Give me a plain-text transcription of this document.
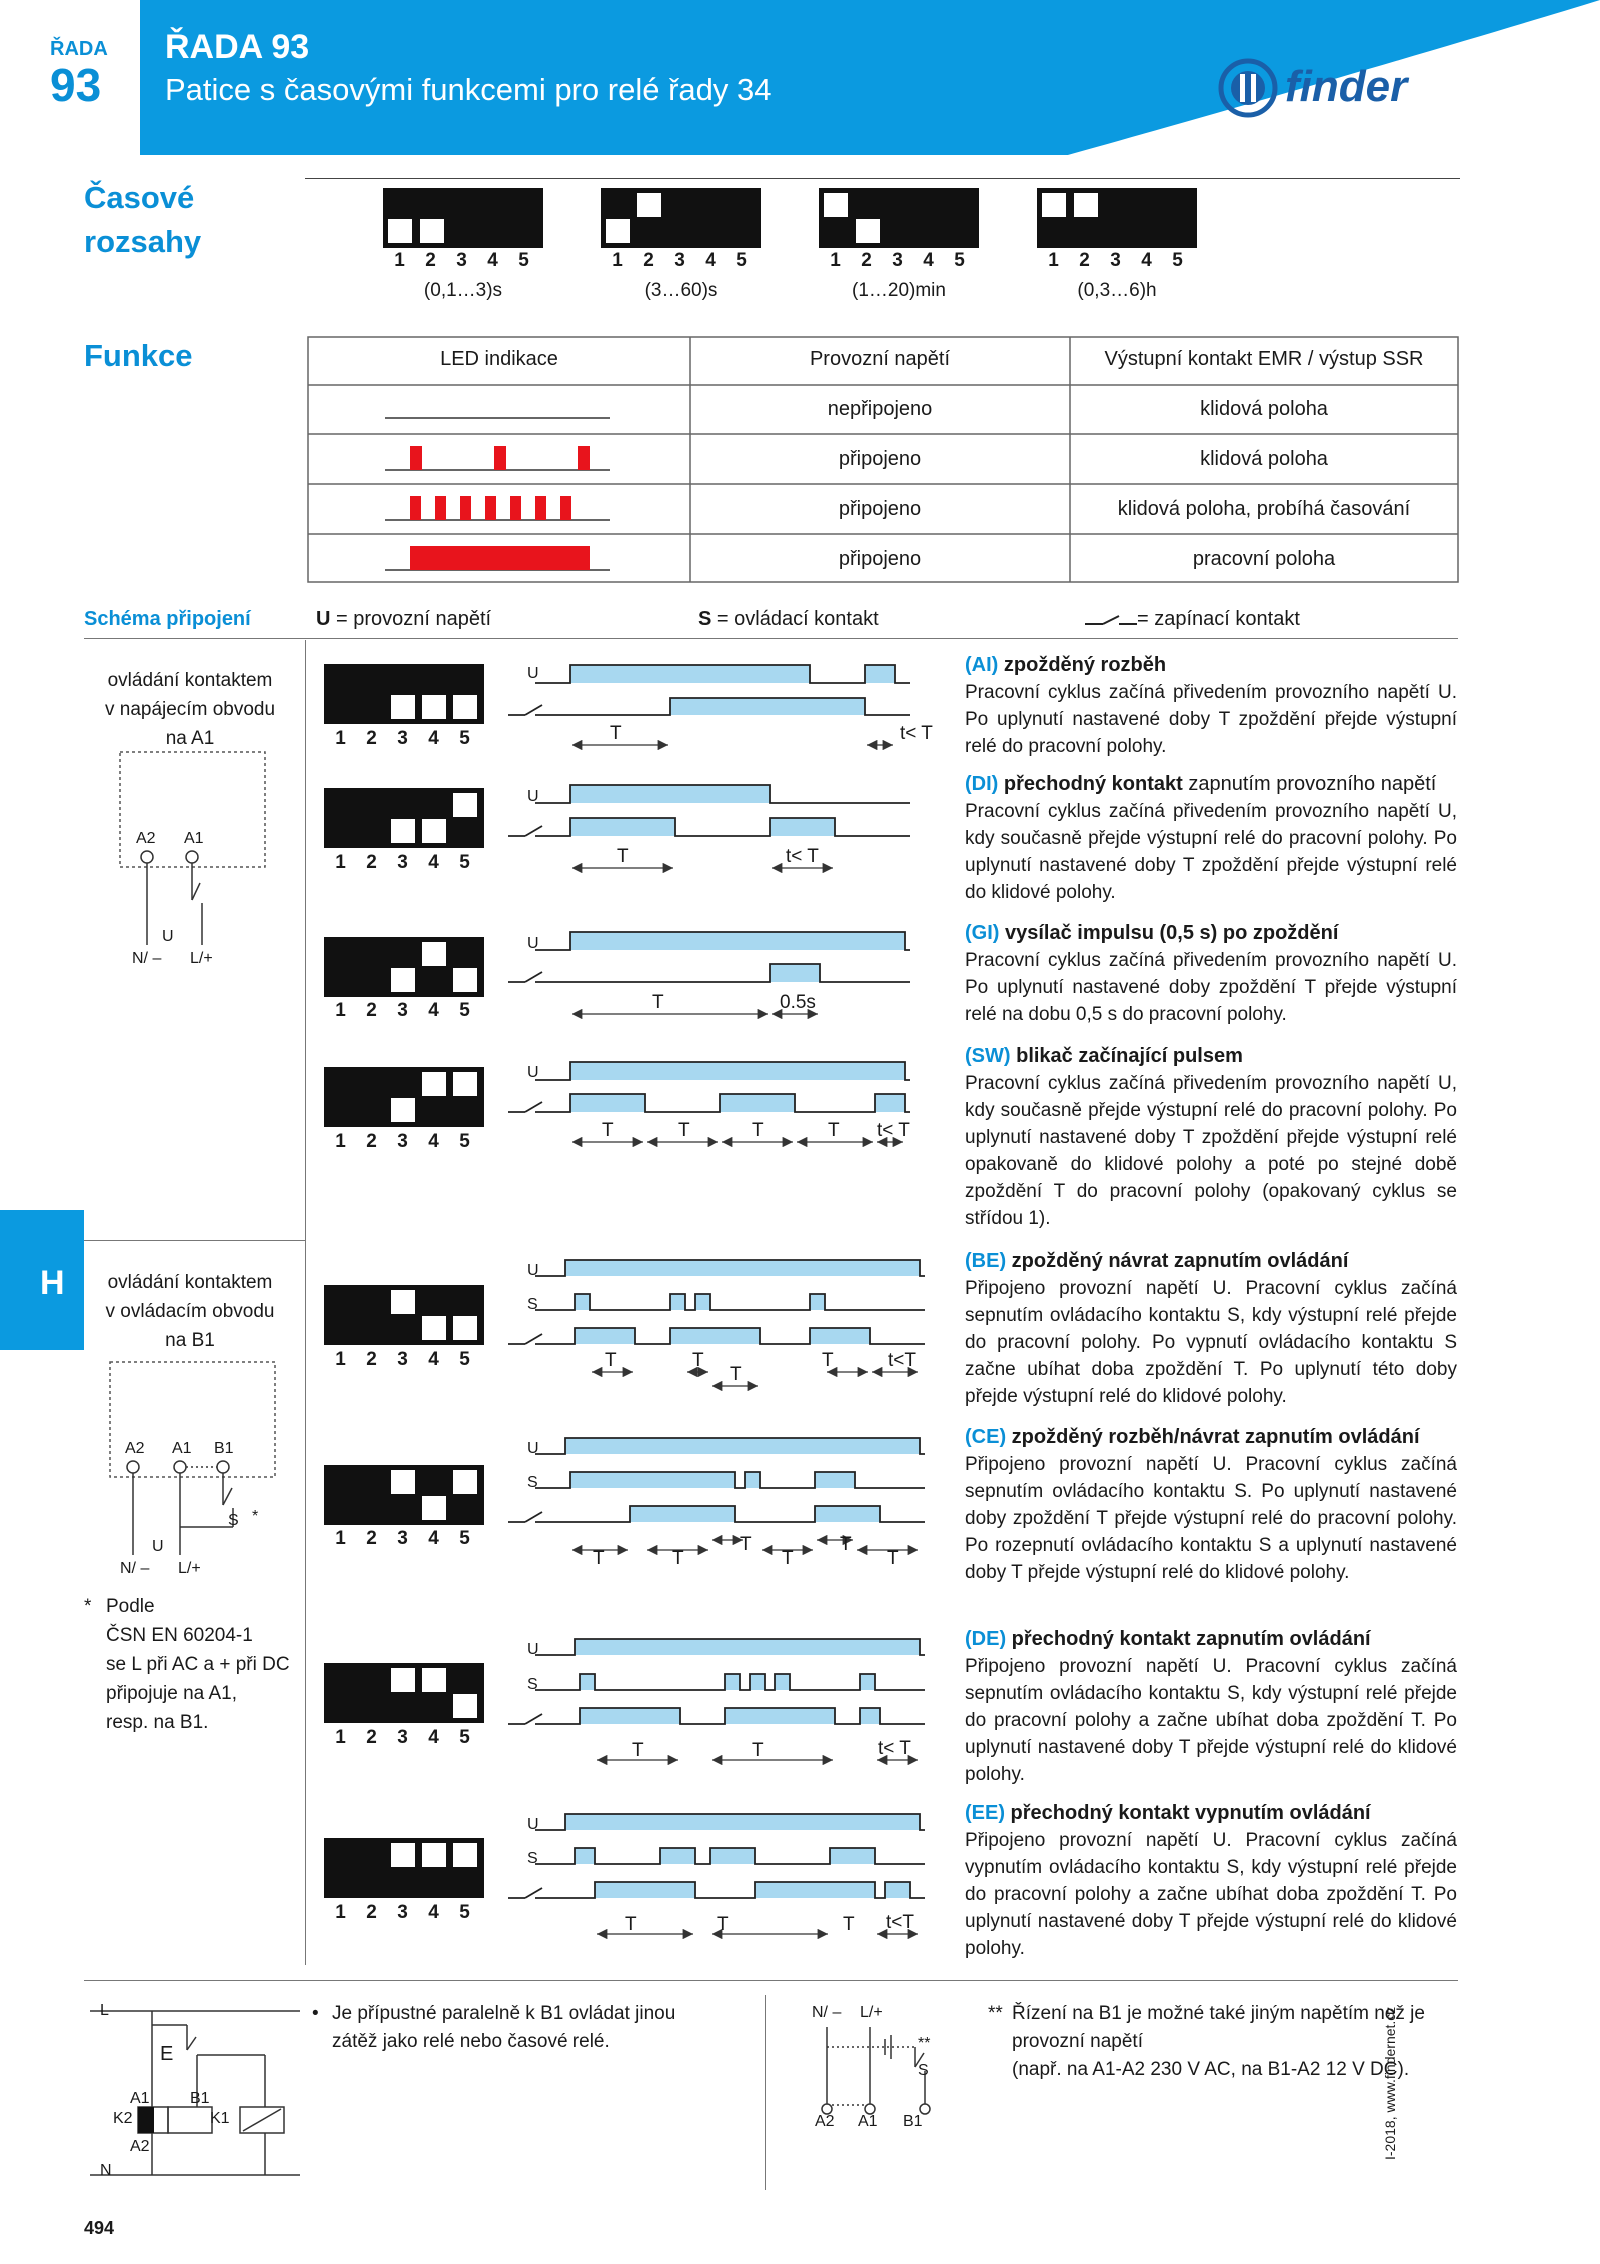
ŘADA
93
ŘADA 93
Patice s časovými funkcemi pro relé řady 34	finder
Časové
rozsahy
1 2 3 4 5	1 2 3 4 5	1 2 3 4 5	1 2 3 4 5
(0,1…3)s	(3…60)s	(1…20)min	(0,3…6)h
Funkce	LED indikace	Provozní napětí	Výstupní kontakt EMR / výstup SSR
nepřipojeno	klidová poloha
připojeno	klidová poloha
připojeno	klidová poloha, probíhá časování
připojeno	pracovní poloha
Schéma připojení	U = provozní napětí	S = ovládací kontakt	= zapínací kontakt
H
ovládání kontaktem
v napájecím obvodu
na A1
A2 A1
U
N/ – L/+
ovládání kontaktem
v ovládacím obvodu
na B1
A2 A1 B1
S *
U
N/ – L/+
* Podle
ČSN EN 60204-1
se L při AC a + při DC
připojuje na A1,
resp. na B1.
1 2 3 4 5
1 2 3 4 5
1 2 3 4 5
1 2 3 4 5
1 2 3 4 5
1 2 3 4 5
1 2 3 4 5
1 2 3 4 5
U
U
U
U
U
S
U
S
U
S
U
S
T	t< T
T	t< T
T	0.5s
T	T	T	T t< T
T	T
T
T	t<T
T	T
T
T
T
T
T	T	t< T
T	T	T t<T
(AI) zpožděný rozběh
Pracovní cyklus začíná přivedením provozního napětí U. Po uplynutí nastavené doby T zpoždění přejde výstupní relé do pracovní polohy.
(DI) přechodný kontakt zapnutím provozního napětí
Pracovní cyklus začíná přivedením provozního napětí U, kdy současně přejde výstupní relé do pracovní polohy. Po uplynutí nastavené doby T zpoždění přejde výstupní relé do klidové polohy.
(GI) vysílač impulsu (0,5 s) po zpoždění
Pracovní cyklus začíná přivedením provozního napětí U. Po uplynutí nastavené doby zpoždění T přejde výstupní relé na dobu 0,5 s do pracovní polohy.
(SW) blikač začínající pulsem
Pracovní cyklus začíná přivedením provozního napětí U, kdy současně přejde výstupní relé do pracovní polohy. Po uplynutí nastavené doby T zpoždění přejde výstupní relé opakovaně do klidové polohy a poté po stejné době zpoždění T do pracovní polohy (opakovaný cyklus se střídou 1).
(BE) zpožděný návrat zapnutím ovládání
Připojeno provozní napětí U. Pracovní cyklus začíná sepnutím ovládacího kontaktu S, kdy výstupní relé přejde do pracovní polohy. Po vypnutí ovládacího kontaktu S začne ubíhat doba zpoždění T. Po uplynutí této doby přejde výstupní relé do klidové polohy.
(CE) zpožděný rozběh/návrat zapnutím ovládání
Připojeno provozní napětí U. Pracovní cyklus začíná sepnutím ovládacího kontaktu S. Po uplynutí nastavené doby zpoždění T přejde výstupní relé do pracovní polohy. Po rozepnutí ovládacího kontaktu S a uplynutí nastavené doby T přejde výstupní relé do klidové polohy.
(DE) přechodný kontakt zapnutím ovládání
Připojeno provozní napětí U. Pracovní cyklus začíná sepnutím ovládacího kontaktu S, kdy výstupní relé přejde do pracovní polohy a začne ubíhat doba zpoždění T. Po uplynutí nastavené doby T přejde výstupní relé do klidové polohy.
(EE) přechodný kontakt vypnutím ovládání
Připojeno provozní napětí U. Pracovní cyklus začíná vypnutím ovládacího kontaktu S, kdy výstupní relé přejde do pracovní polohy a začne ubíhat doba zpoždění T. Po uplynutí nastavené doby T přejde výstupní relé do klidové polohy.
L
N
E
A1	B1
K2	K1
A2
• Je přípustné paralelně k B1 ovládat jinou
zátěž jako relé nebo časové relé.
N/ – L/+
**
S
A2 A1 B1
** Řízení na B1 je možné také jiným napětím než je
provozní napětí
(např. na A1-A2 230 V AC, na B1-A2 12 V DC).
I-2018, www.findernet.cz
494
